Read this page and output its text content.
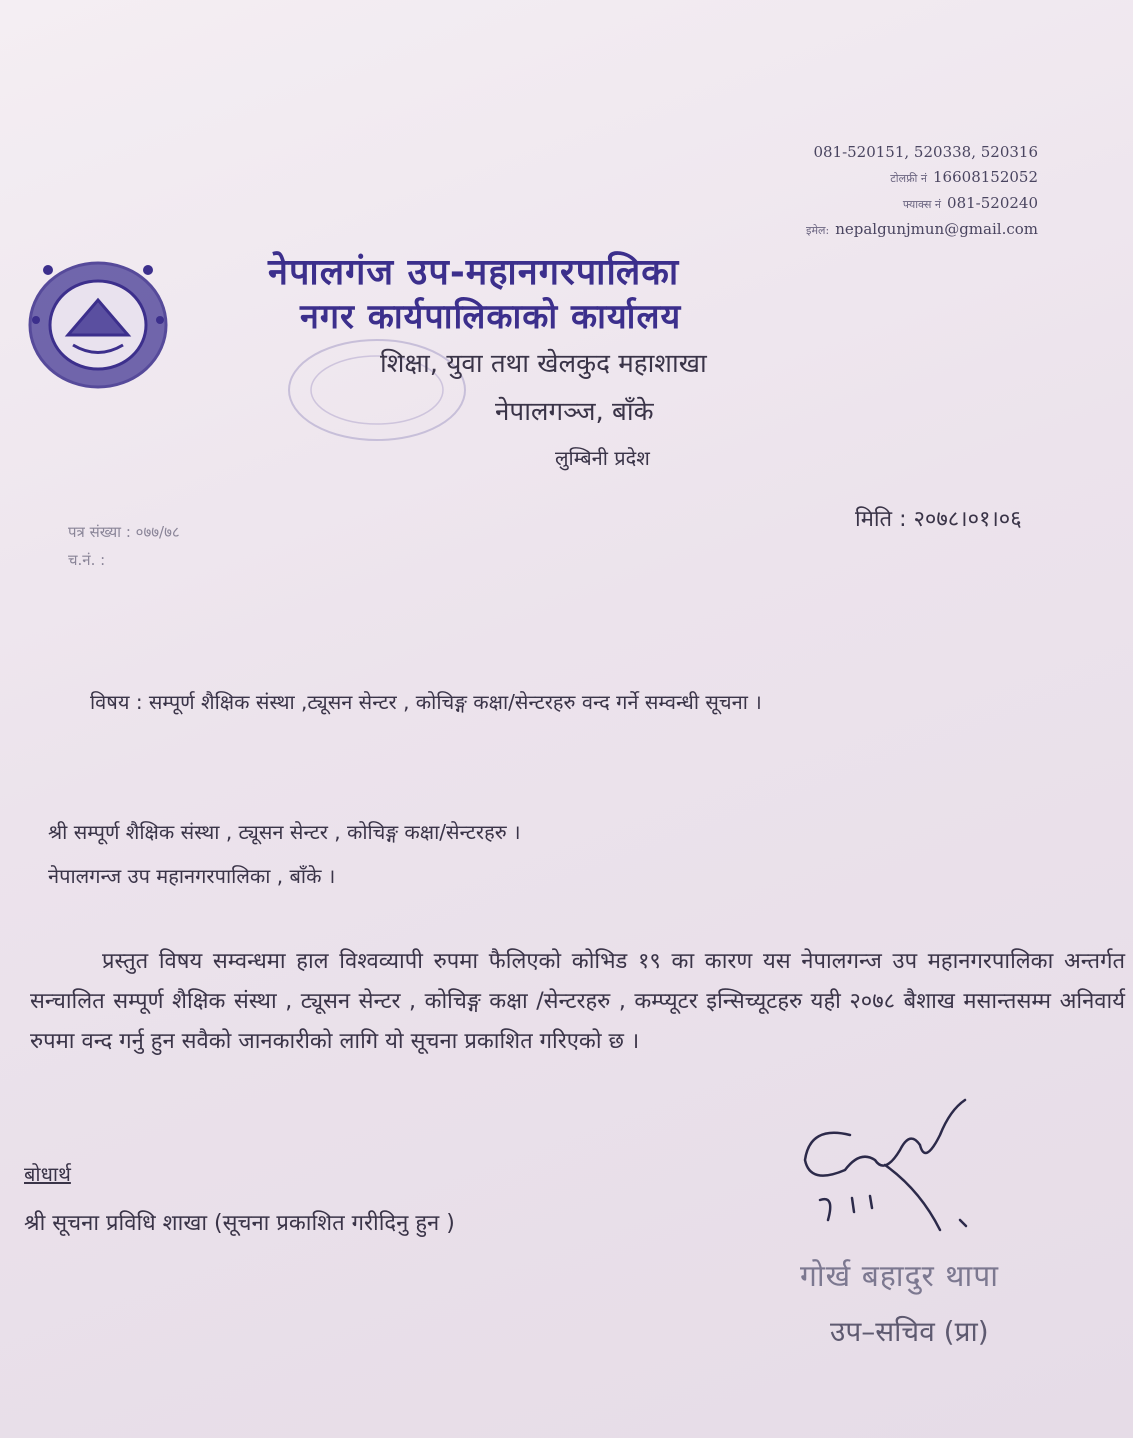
081-520151, 520338, 520316
टोलफ्री नं 16608152052
फ्याक्स नं 081-520240
इमेल: nepalgunjmun@gmail.com
नेपालगंज उप-महानगरपालिका
नगर कार्यपालिकाको कार्यालय
शिक्षा, युवा तथा खेलकुद महाशाखा
नेपालगञ्ज, बाँके
लुम्बिनी प्रदेश
मिति : २०७८।०१।०६
पत्र संख्या : ०७७/७८
च.नं. :
विषय : सम्पूर्ण शैक्षिक संस्था ,ट्यूसन सेन्टर , कोचिङ्ग कक्षा/सेन्टरहरु वन्द गर्ने सम्वन्धी सूचना ।
श्री सम्पूर्ण शैक्षिक संस्था , ट्यूसन सेन्टर , कोचिङ्ग कक्षा/सेन्टरहरु ।
नेपालगन्ज उप महानगरपालिका , बाँके ।
प्रस्तुत विषय सम्वन्धमा हाल विश्वव्यापी रुपमा फैलिएको कोभिड १९ का कारण यस नेपालगन्ज उप महानगरपालिका अन्तर्गत सन्चालित सम्पूर्ण शैक्षिक संस्था , ट्यूसन सेन्टर , कोचिङ्ग कक्षा /सेन्टरहरु , कम्प्यूटर इन्सिच्यूटहरु यही २०७८ बैशाख मसान्तसम्म अनिवार्य रुपमा वन्द गर्नु हुन सवैको जानकारीको लागि यो सूचना प्रकाशित गरिएको छ ।
बोधार्थ
श्री सूचना प्रविधि शाखा (सूचना प्रकाशित गरीदिनु हुन )
गोर्ख बहादुर थापा
उप–सचिव (प्रा)
